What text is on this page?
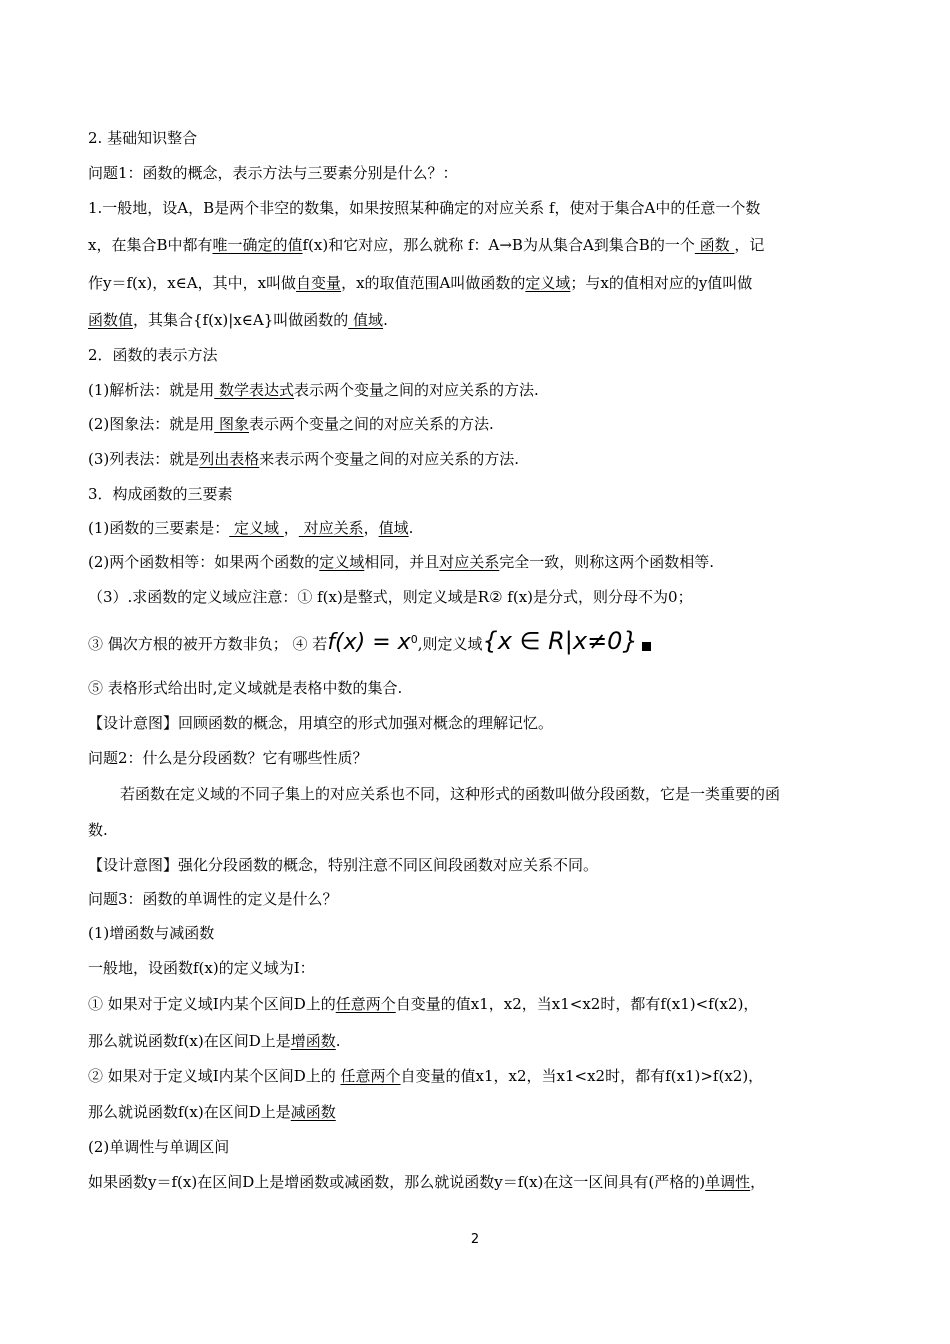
2. 基础知识整合
问题1：函数的概念，表示方法与三要素分别是什么？：
1.一般地，设A，B是两个非空的数集，如果按照某种确定的对应关系 f，使对于集合A中的任意一个数
x，在集合B中都有唯一确定的值f(x)和它对应，那么就称 f：A→B为从集合A到集合B的一个 函数 ，记
作y＝f(x)，x∈A，其中，x叫做自变量，x的取值范围A叫做函数的定义域；与x的值相对应的y值叫做
函数值，其集合{f(x)|x∈A}叫做函数的 值域.
2．函数的表示方法
(1)解析法：就是用 数学表达式表示两个变量之间的对应关系的方法.
(2)图象法：就是用 图象表示两个变量之间的对应关系的方法.
(3)列表法：就是列出表格来表示两个变量之间的对应关系的方法.
3．构成函数的三要素
(1)函数的三要素是： 定义域 ， 对应关系，值域.
(2)两个函数相等：如果两个函数的定义域相同，并且对应关系完全一致，则称这两个函数相等.
（3）.求函数的定义域应注意：① f(x)是整式，则定义域是R② f(x)是分式，则分母不为0；
③ 偶次方根的被开方数非负； ④ 若$f(x) = x^0$,则定义域{x ∈ R|x≠0}
⑤ 表格形式给出时,定义域就是表格中数的集合.
【设计意图】回顾函数的概念，用填空的形式加强对概念的理解记忆。
问题2：什么是分段函数？它有哪些性质？
若函数在定义域的不同子集上的对应关系也不同，这种形式的函数叫做分段函数，它是一类重要的函
数.
【设计意图】强化分段函数的概念，特别注意不同区间段函数对应关系不同。
问题3：函数的单调性的定义是什么？
(1)增函数与减函数
一般地，设函数f(x)的定义域为I：
① 如果对于定义域I内某个区间D上的任意两个自变量的值x1，x2，当x1<x2时，都有f(x1)<f(x2)，
那么就说函数f(x)在区间D上是增函数.
② 如果对于定义域I内某个区间D上的 任意两个自变量的值x1，x2，当x1<x2时，都有f(x1)>f(x2)，
那么就说函数f(x)在区间D上是减函数
(2)单调性与单调区间
如果函数y＝f(x)在区间D上是增函数或减函数，那么就说函数y＝f(x)在这一区间具有(严格的)单调性，
2
